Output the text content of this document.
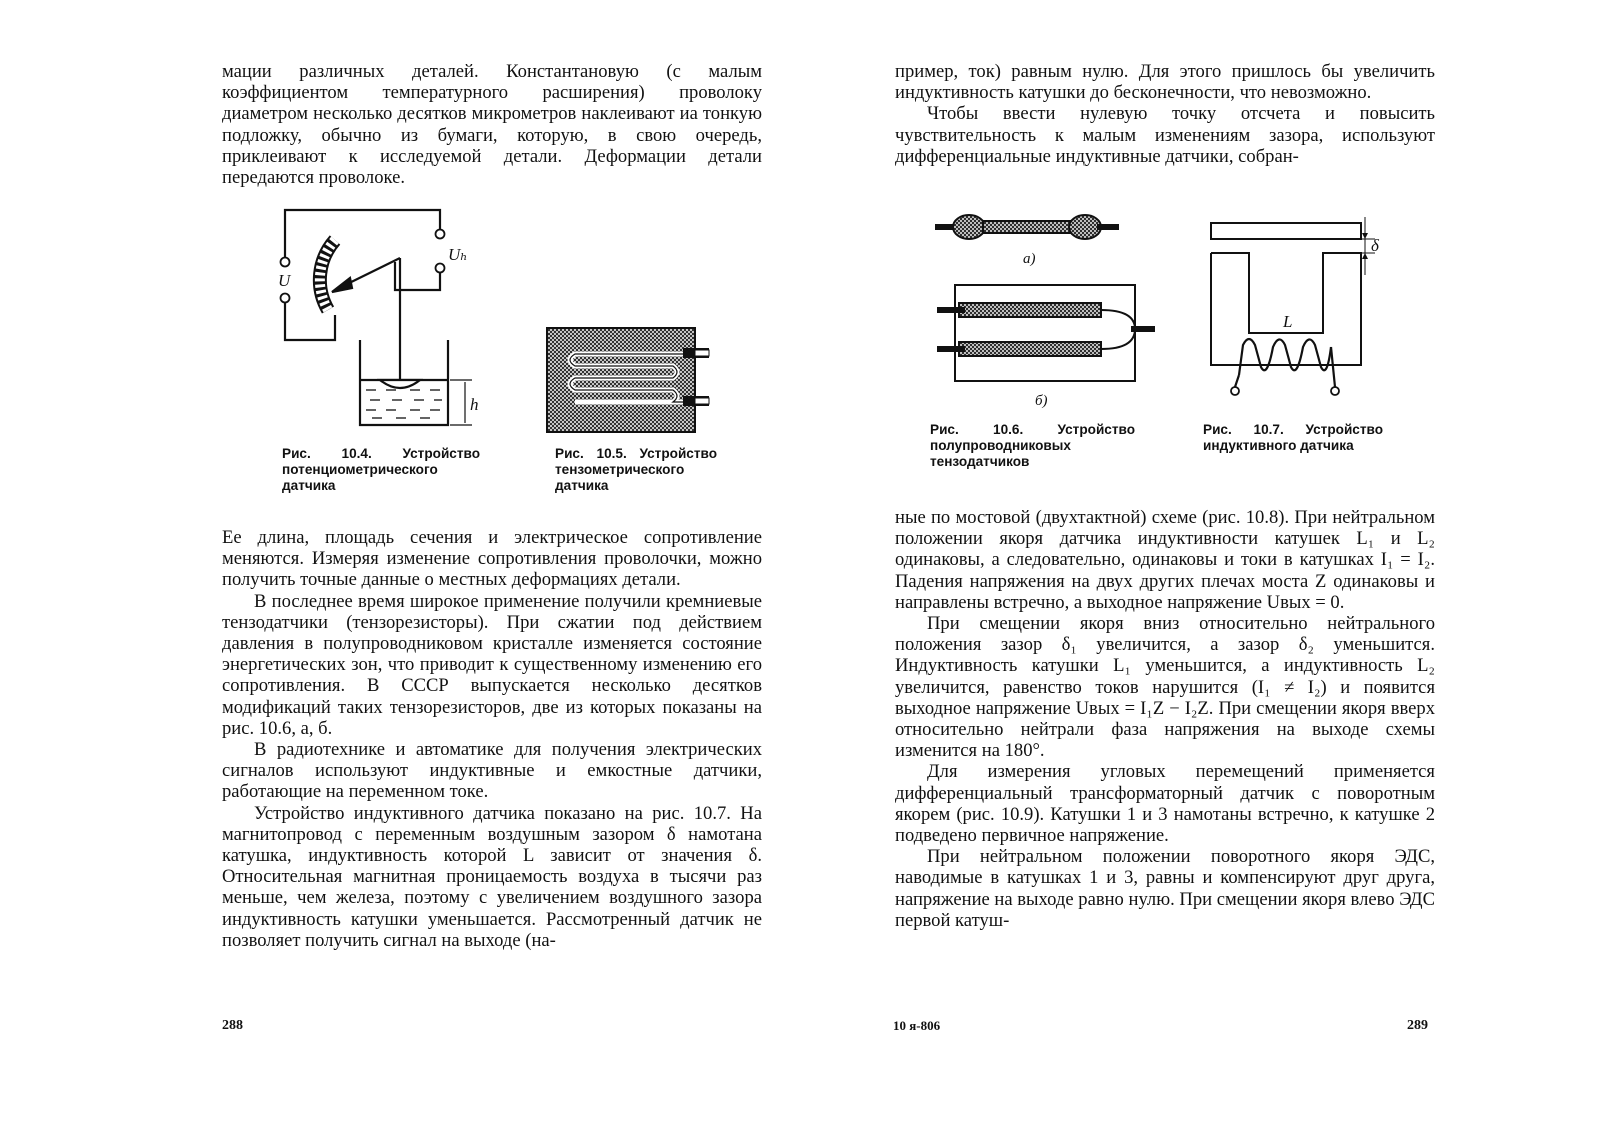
мации различных деталей. Константановую (с малым коэффициентом температурного расширения) проволоку диаметром несколько десятков микрометров наклеивают иа тонкую подложку, обычно из бумаги, которую, в свою очередь, приклеивают к исследуемой детали. Деформации детали передаются проволоке.

U
Uₕ
h
Рис. 10.4. Устройство потенциометрического датчика
Рис. 10.5. Устройство тензометрического датчика

Ее длина, площадь сечения и электрическое сопротивление меняются. Измеряя изменение сопротивления проволочки, можно получить точные данные о местных деформациях детали.

В последнее время широкое применение получили кремниевые тензодатчики (тензорезисторы). При сжатии под действием давления в полупроводниковом кристалле изменяется состояние энергетических зон, что приводит к существенному изменению его сопротивления. В СССР выпускается несколько десятков модификаций таких тензорезисторов, две из которых показаны на рис. 10.6, а, б.

В радиотехнике и автоматике для получения электрических сигналов используют индуктивные и емкостные датчики, работающие на переменном токе.

Устройство индуктивного датчика показано на рис. 10.7. На магнитопровод с переменным воздушным зазором δ намотана катушка, индуктивность которой L зависит от значения δ. Относительная магнитная проницаемость воздуха в тысячи раз меньше, чем железа, поэтому с увеличением воздушного зазора индуктивность катушки уменьшается. Рассмотренный датчик не позволяет получить сигнал на выходе (на-

288

пример, ток) равным нулю. Для этого пришлось бы увеличить индуктивность катушки до бесконечности, что невозможно.

Чтобы ввести нулевую точку отсчета и повысить чувствительность к малым изменениям зазора, используют дифференциальные индуктивные датчики, собран-

а)
б)
Рис. 10.6. Устройство полупроводниковых тензодатчиков
L
δ
Рис. 10.7. Устройство индуктивного датчика

ные по мостовой (двухтактной) схеме (рис. 10.8). При нейтральном положении якоря датчика индуктивности катушек L₁ и L₂ одинаковы, а следовательно, одинаковы и токи в катушках I₁ = I₂. Падения напряжения на двух других плечах моста Z одинаковы и направлены встречно, а выходное напряжение Uвых = 0.

При смещении якоря вниз относительно нейтрального положения зазор δ₁ увеличится, а зазор δ₂ уменьшится. Индуктивность катушки L₁ уменьшится, а индуктивность L₂ увеличится, равенство токов нарушится (I₁ ≠ I₂) и появится выходное напряжение Uвых = I₁Z − I₂Z. При смещении якоря вверх относительно нейтрали фаза напряжения на выходе схемы изменится на 180°.

Для измерения угловых перемещений применяется дифференциальный трансформаторный датчик с поворотным якорем (рис. 10.9). Катушки 1 и 3 намотаны встречно, к катушке 2 подведено первичное напряжение.

При нейтральном положении поворотного якоря ЭДС, наводимые в катушках 1 и 3, равны и компенсируют друг друга, напряжение на выходе равно нулю. При смещении якоря влево ЭДС первой катуш-

10 я-806	289
